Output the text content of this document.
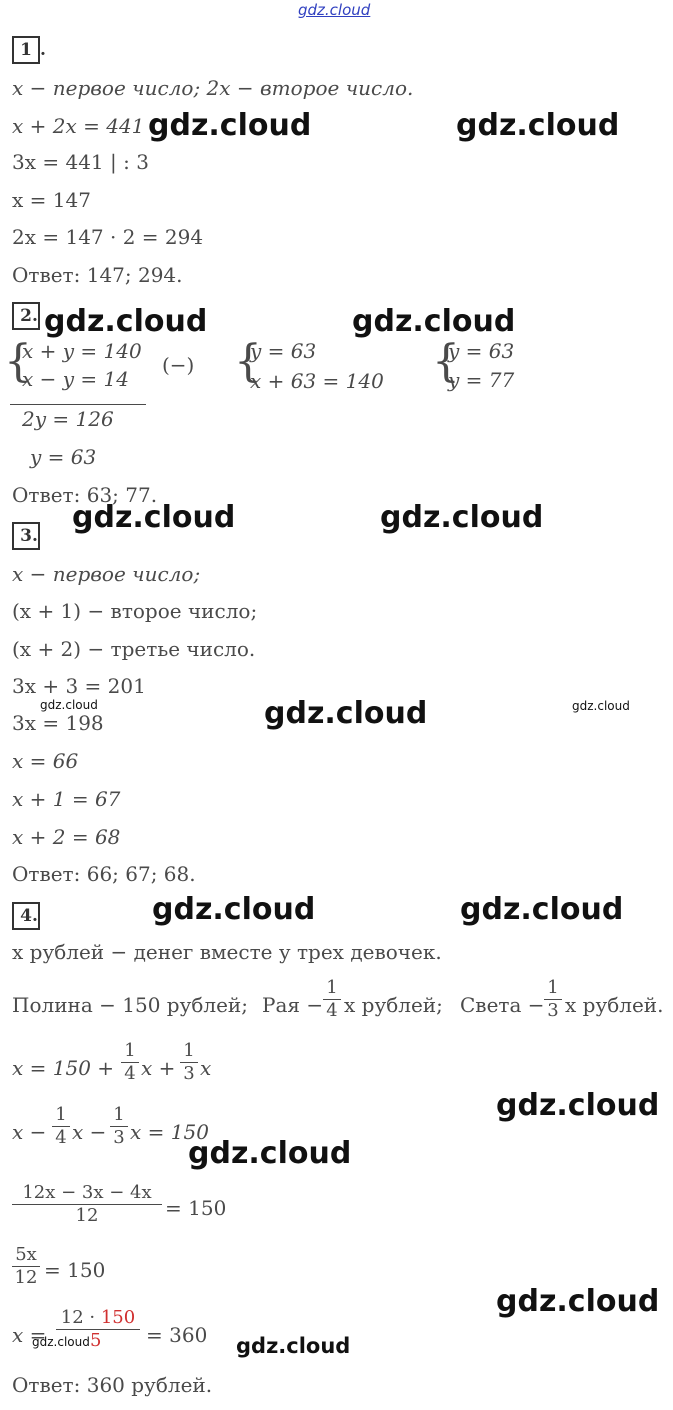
gdz.cloud
1 .
x − первое число; 2x − второе число.
x + 2x = 441
3x = 441 | : 3
x = 147
2x = 147 · 2 = 294
Ответ: 147; 294.
2 .
{
x + y = 140
x − y = 14
(−) {
y = 63
x + 63 = 140 {
y = 63
y = 77
2y = 126
y = 63
Ответ: 63; 77.
3 .
x − первое число;
(x + 1) − второе число;
(x + 2) − третье число.
3x + 3 = 201
3x = 198
x = 66
x + 1 = 67
x + 2 = 68
Ответ: 66; 67; 68.
4 .
x рублей − денег вместе у трех девочек.
Полина − 150 рублей; Рая −
1
4 x рублей; Света −
1
3 x рублей.
x = 150 +
1
4 x +
1
3 x
x −
1
4 x −
1
3 x = 150
12x − 3x − 4x
12	= 150
5x
12 = 150
x =
12 · 150
5	= 360
Ответ: 360 рублей.
gdz.cloud	gdz.cloud
gdz.cloud	gdz.cloud
gdz.cloud	gdz.cloud
gdz.cloud	gdz.cloud	gdz.cloud
gdz.cloud	gdz.cloud
gdz.cloud
gdz.cloud
gdz.cloud
gdz.cloud	gdz.cloud
